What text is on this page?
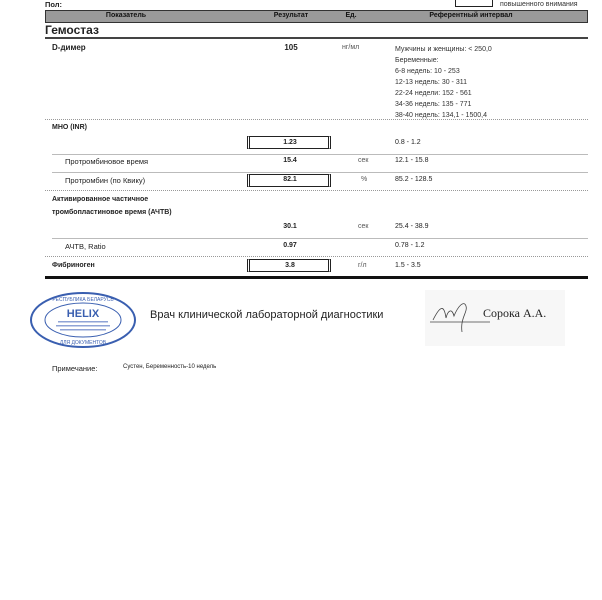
Пол:	повышенного внимания
Показатель	Результат	Ед.	Референтный интервал
Гемостаз
D-димер	105	нг/мл	Мужчины и женщины: < 250,0
Беременные:
6-8 недель: 10 - 253
12-13 недель: 30 - 311
22-24 недели: 152 - 561
34-36 недель: 135 - 771
38-40 недель: 134,1 - 1500,4
МНО (INR)
1.23	0.8 - 1.2
Протромбиновое время	15.4	сек	12.1 - 15.8
Протромбин (по Квику)	82.1	%	85.2 - 128.5
Активированное частичное
тромбопластиновое время (АЧТВ)
30.1	сек	25.4 - 38.9
АЧТВ, Ratio	0.97	0.78 - 1.2
Фибриноген	3.8	г/л	1.5 - 3.5
HELIX
РЕСПУБЛИКА БЕЛАРУСЬ
ДЛЯ ДОКУМЕНТОВ
Врач клинической лабораторной диагностики	Сорока А.А.
Примечание:	Сустен, Беременность-10 недель
